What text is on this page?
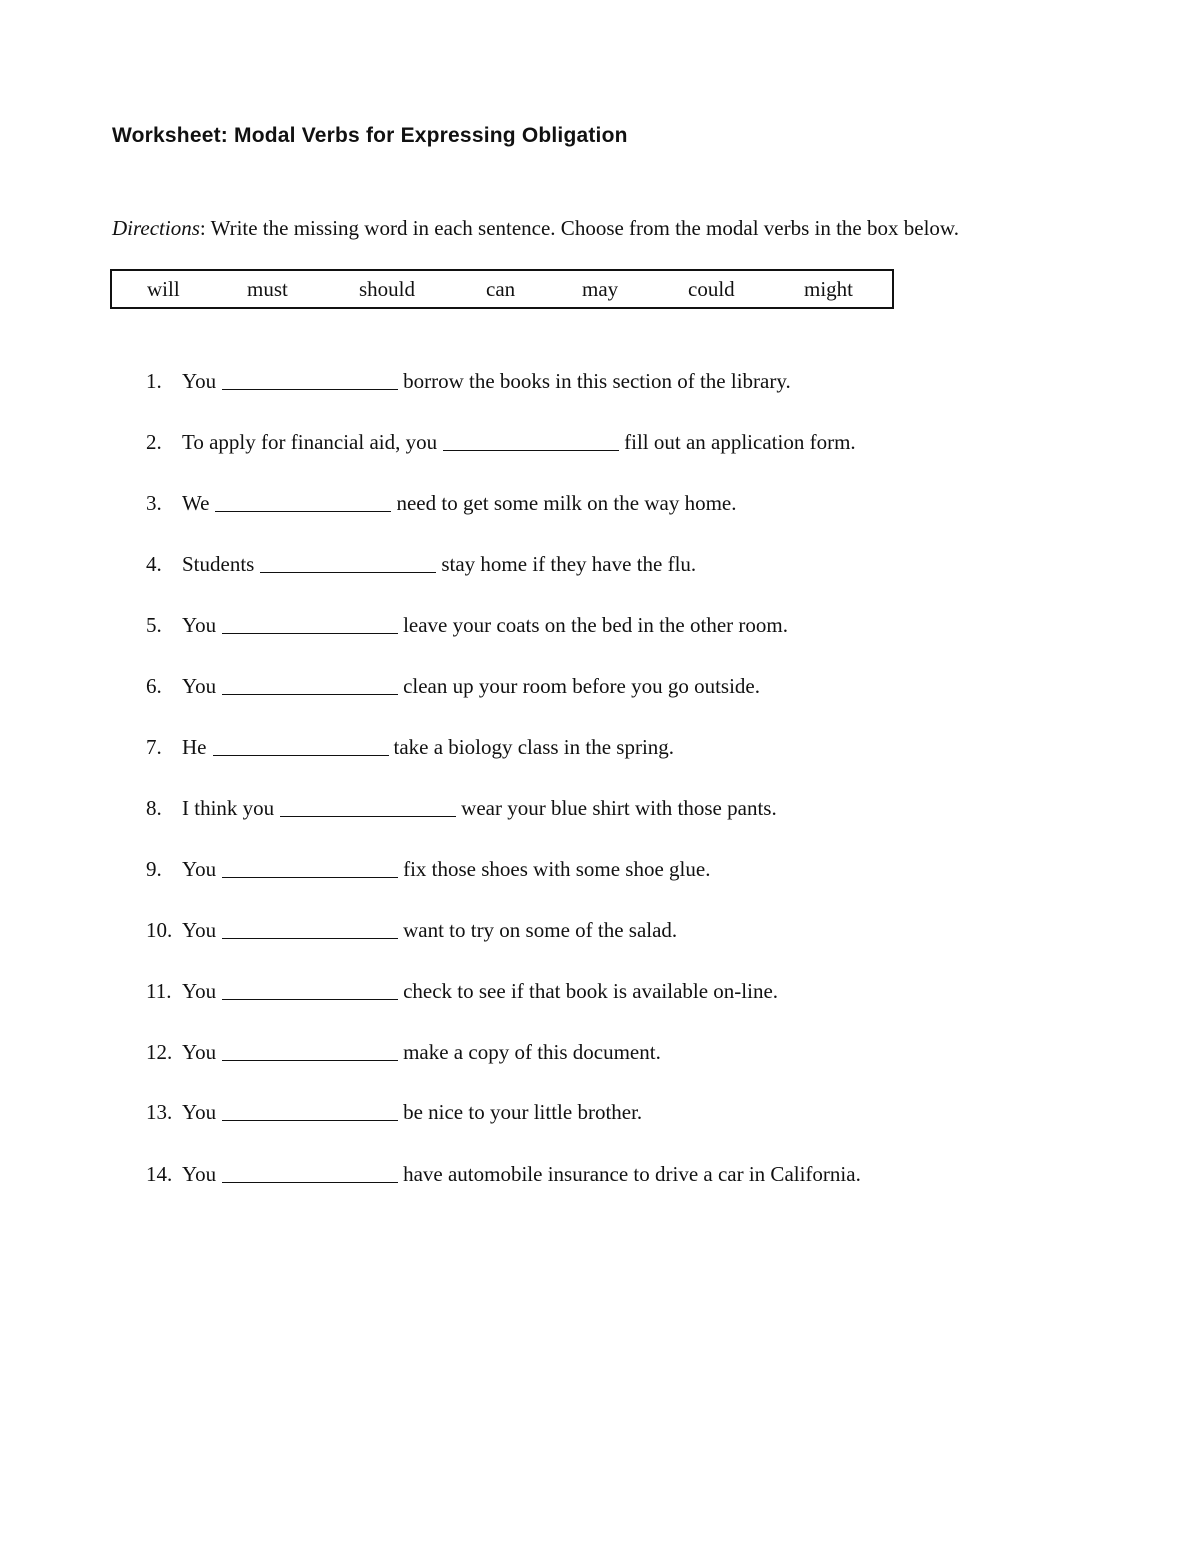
Worksheet: Modal Verbs for Expressing Obligation
Directions: Write the missing word in each sentence. Choose from the modal verbs in the box below.
will	must	should	can	may	could	might
1. You	borrow the books in this section of the library.
2. To apply for financial aid, you	fill out an application form.
3. We	need to get some milk on the way home.
4. Students	stay home if they have the flu.
5. You	leave your coats on the bed in the other room.
6. You	clean up your room before you go outside.
7. He	take a biology class in the spring.
8. I think you	wear your blue shirt with those pants.
9. You	fix those shoes with some shoe glue.
10. You	want to try on some of the salad.
11. You	check to see if that book is available on-line.
12. You	make a copy of this document.
13. You	be nice to your little brother.
14. You	have automobile insurance to drive a car in California.
